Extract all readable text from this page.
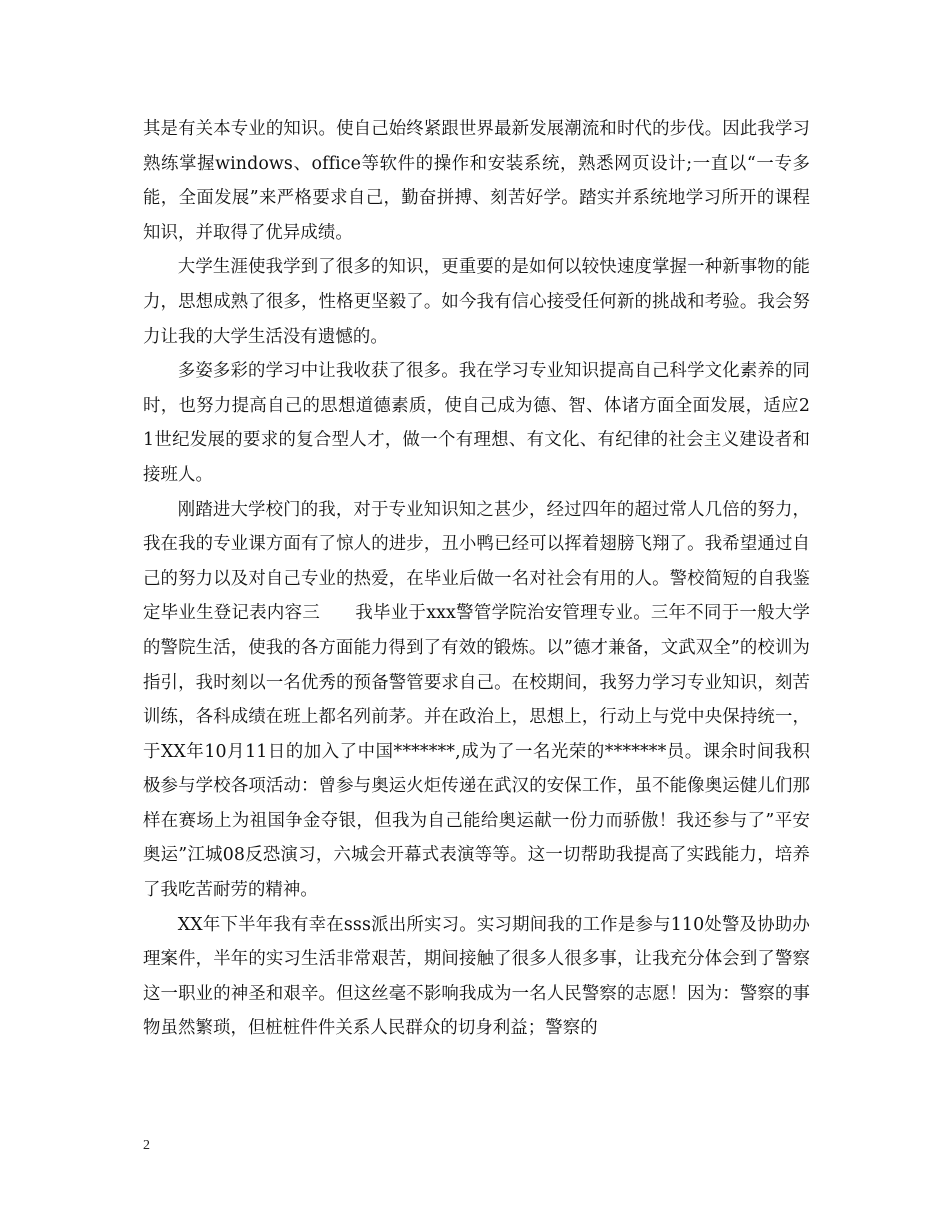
其是有关本专业的知识。使自己始终紧跟世界最新发展潮流和时代的步伐。因此我学习熟练掌握windows、office等软件的操作和安装系统，熟悉网页设计;一直以“一专多能，全面发展”来严格要求自己，勤奋拼搏、刻苦好学。踏实并系统地学习所开的课程知识，并取得了优异成绩。

大学生涯使我学到了很多的知识，更重要的是如何以较快速度掌握一种新事物的能力，思想成熟了很多，性格更坚毅了。如今我有信心接受任何新的挑战和考验。我会努力让我的大学生活没有遗憾的。

多姿多彩的学习中让我收获了很多。我在学习专业知识提高自己科学文化素养的同时，也努力提高自己的思想道德素质，使自己成为德、智、体诸方面全面发展，适应21世纪发展的要求的复合型人才，做一个有理想、有文化、有纪律的社会主义建设者和接班人。

刚踏进大学校门的我，对于专业知识知之甚少，经过四年的超过常人几倍的努力，我在我的专业课方面有了惊人的进步，丑小鸭已经可以挥着翅膀飞翔了。我希望通过自己的努力以及对自己专业的热爱，在毕业后做一名对社会有用的人。警校简短的自我鉴定毕业生登记表内容三　　我毕业于xxx警管学院治安管理专业。三年不同于一般大学的警院生活，使我的各方面能力得到了有效的锻炼。以”德才兼备，文武双全”的校训为指引，我时刻以一名优秀的预备警管要求自己。在校期间，我努力学习专业知识，刻苦训练，各科成绩在班上都名列前茅。并在政治上，思想上，行动上与党中央保持统一，于XX年10月11日的加入了中国*******,成为了一名光荣的*******员。课余时间我积极参与学校各项活动：曾参与奥运火炬传递在武汉的安保工作，虽不能像奥运健儿们那样在赛场上为祖国争金夺银，但我为自己能给奥运献一份力而骄傲！我还参与了”平安奥运”江城08反恐演习，六城会开幕式表演等等。这一切帮助我提高了实践能力，培养了我吃苦耐劳的精神。

XX年下半年我有幸在sss派出所实习。实习期间我的工作是参与110处警及协助办理案件，半年的实习生活非常艰苦，期间接触了很多人很多事，让我充分体会到了警察这一职业的神圣和艰辛。但这丝毫不影响我成为一名人民警察的志愿！因为：警察的事物虽然繁琐，但桩桩件件关系人民群众的切身利益；警察的

2
